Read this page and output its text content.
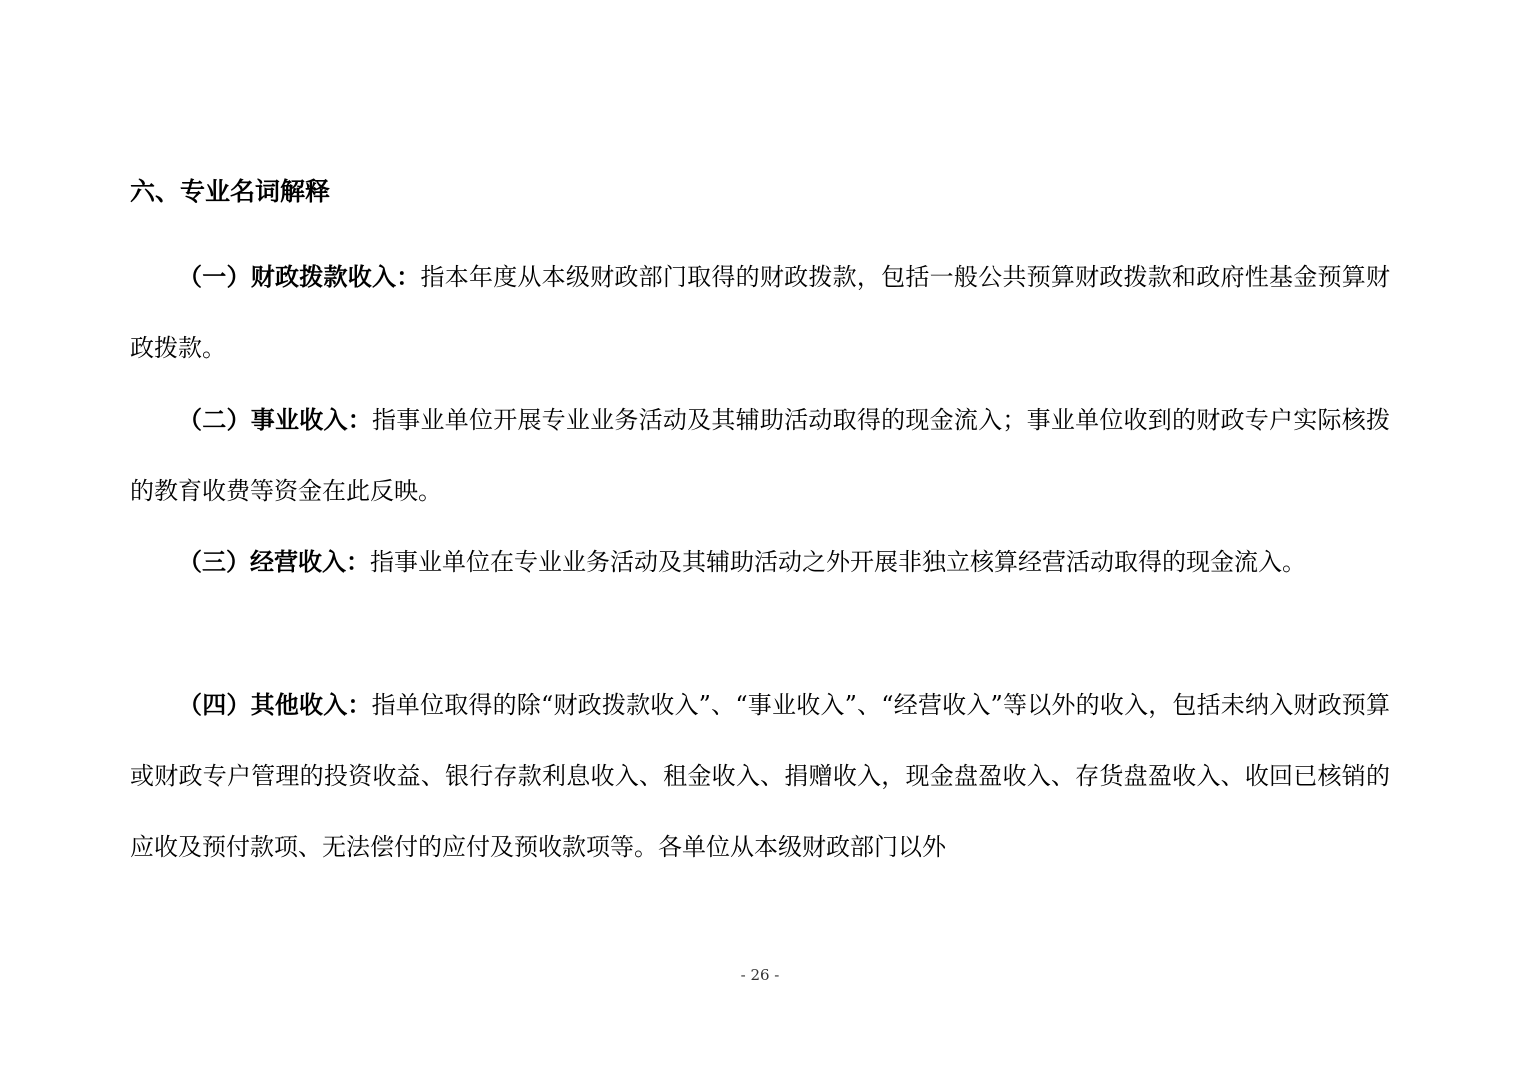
六、专业名词解释

（一）财政拨款收入：指本年度从本级财政部门取得的财政拨款，包括一般公共预算财政拨款和政府性基金预算财政拨款。

（二）事业收入：指事业单位开展专业业务活动及其辅助活动取得的现金流入；事业单位收到的财政专户实际核拨的教育收费等资金在此反映。

（三）经营收入：指事业单位在专业业务活动及其辅助活动之外开展非独立核算经营活动取得的现金流入。

（四）其他收入：指单位取得的除“财政拨款收入”、“事业收入”、“经营收入”等以外的收入，包括未纳入财政预算或财政专户管理的投资收益、银行存款利息收入、租金收入、捐赠收入，现金盘盈收入、存货盘盈收入、收回已核销的应收及预付款项、无法偿付的应付及预收款项等。各单位从本级财政部门以外

- 26 -
